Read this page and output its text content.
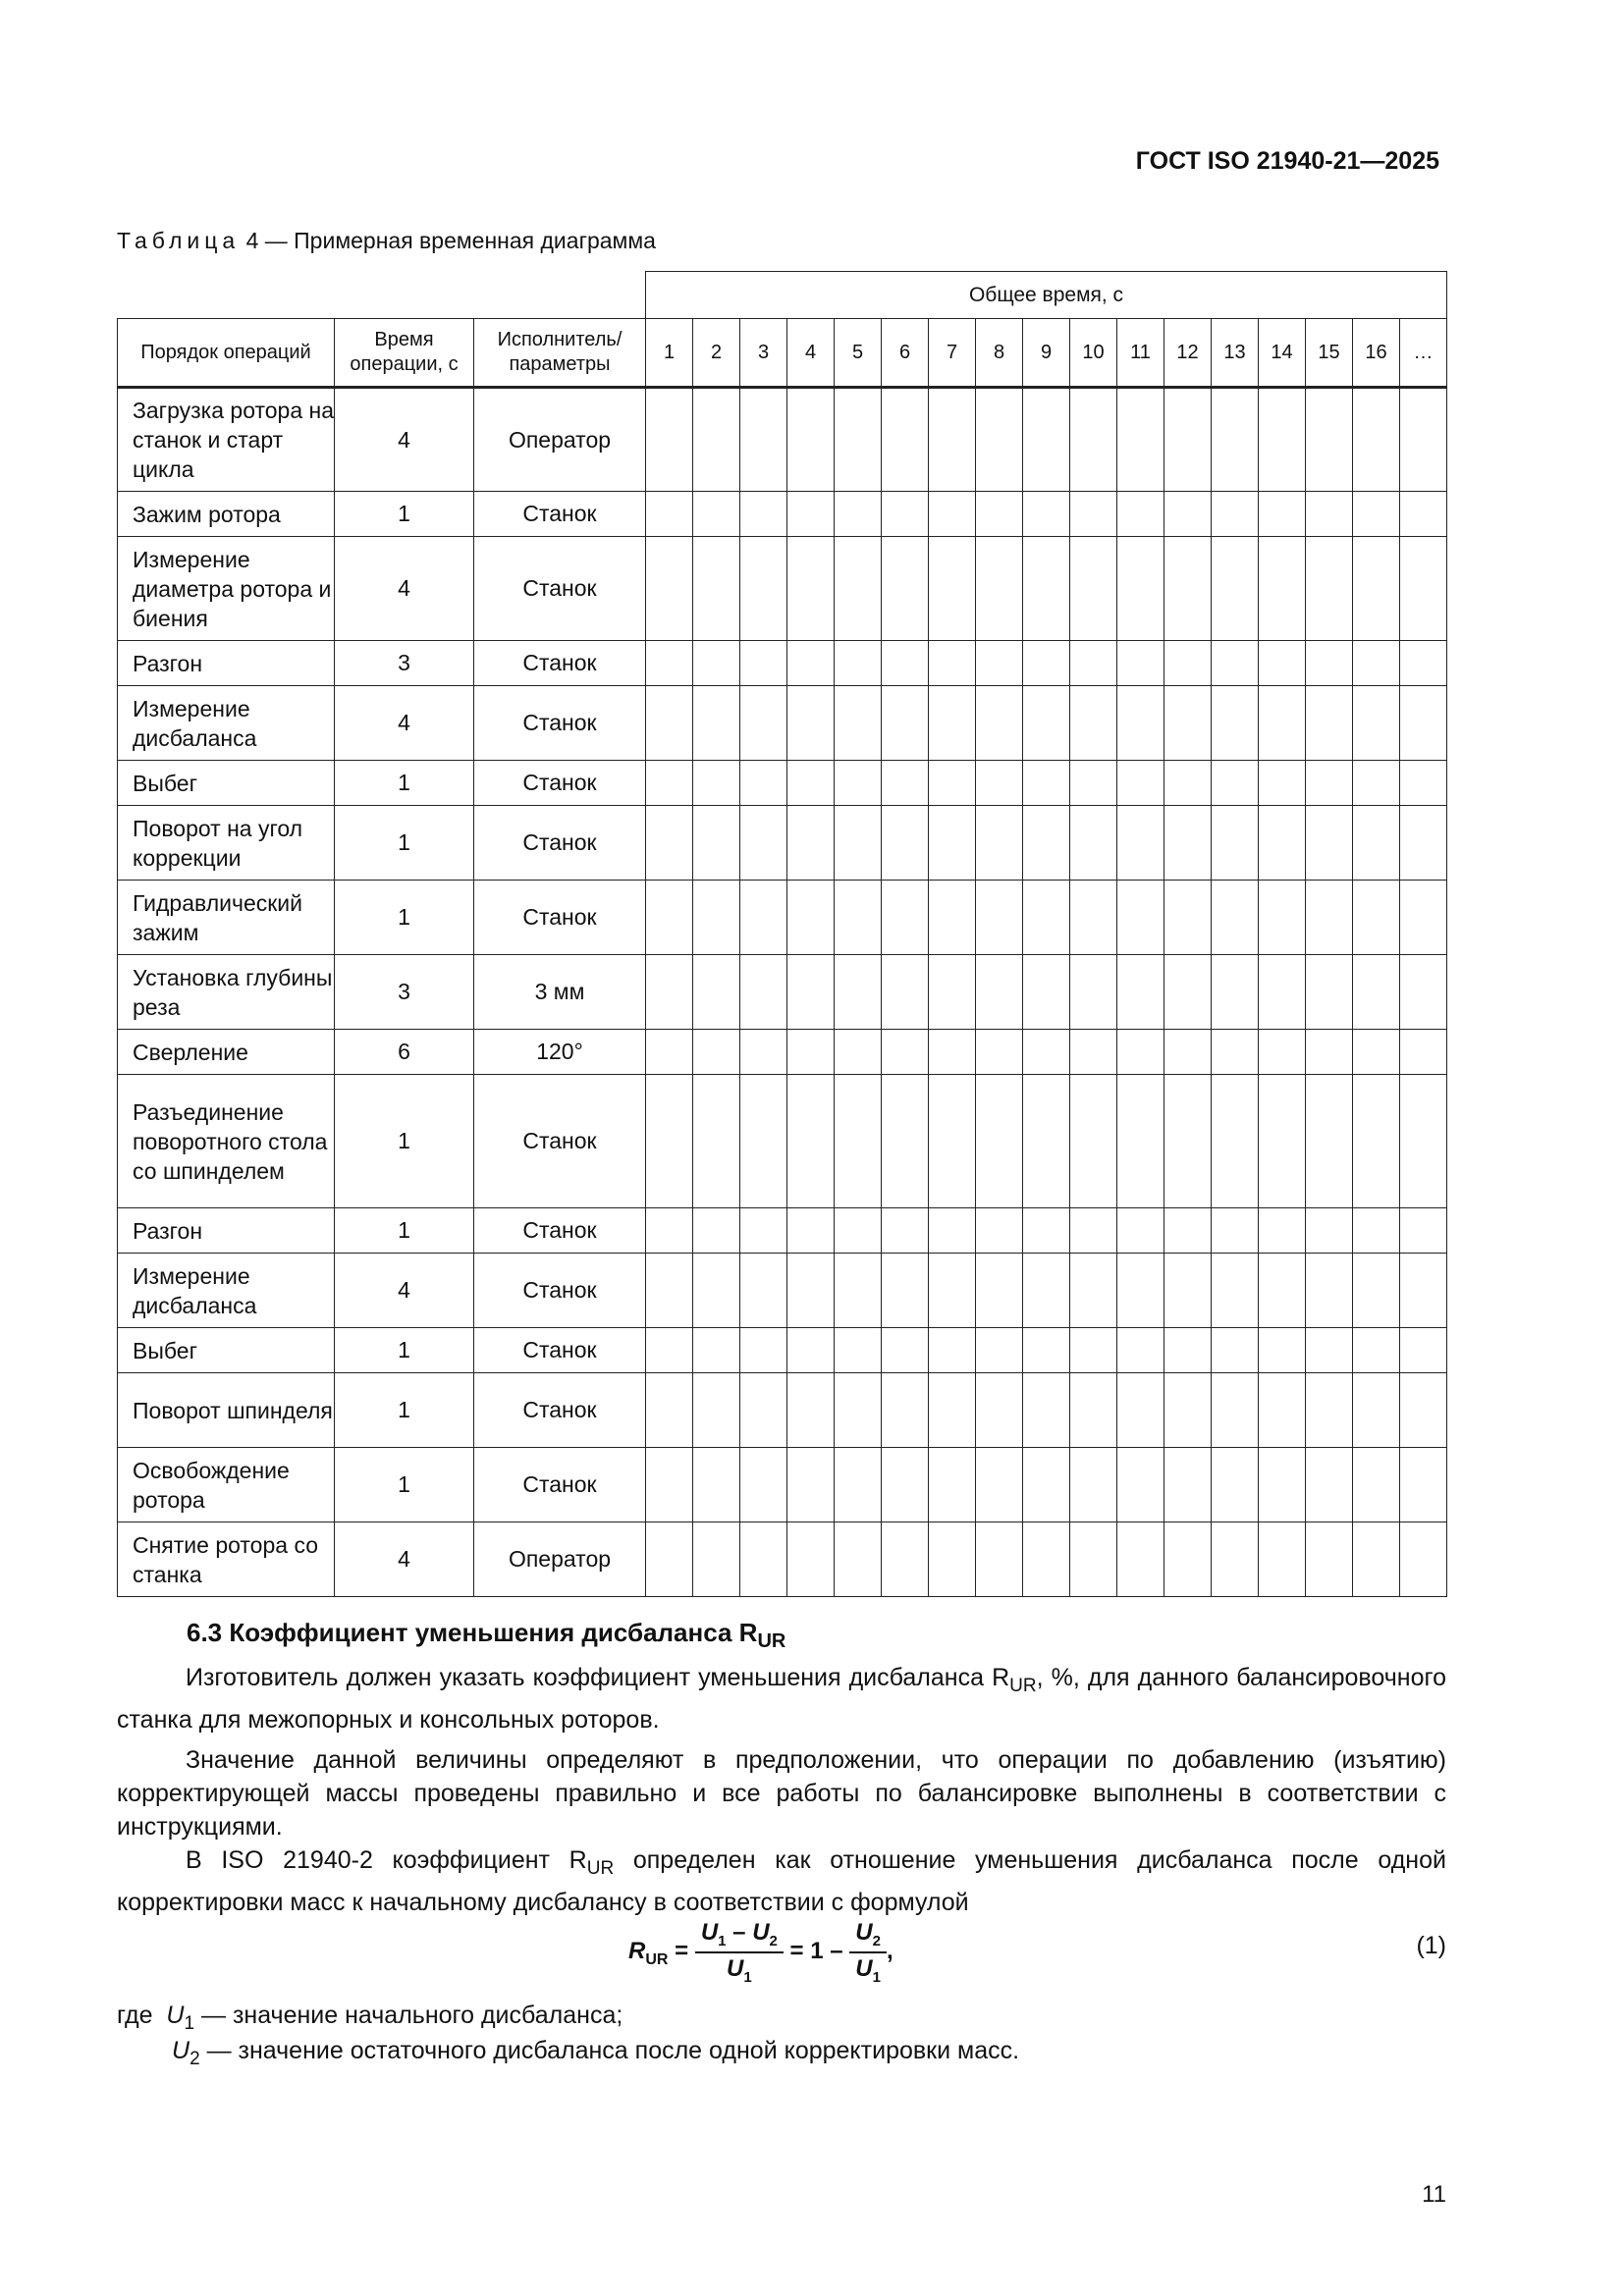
ГОСТ ISO 21940-21—2025
Таблица 4 — Примерная временная диаграмма
			Общее время, с																
Порядок операций	Время операции, с	Исполнитель/ параметры	1	2	3	4	5	6	7	8	9	10	11	12	13	14	15	16	…
Загрузка ротора на станок и старт цикла	4	Оператор																	
Зажим ротора	1	Станок																	
Измерение диаметра ротора и биения	4	Станок																	
Разгон	3	Станок																	
Измерение дисбаланса	4	Станок																	
Выбег	1	Станок																	
Поворот на угол коррекции	1	Станок																	
Гидравлический зажим	1	Станок																	
Установка глубины реза	3	3 мм																	
Сверление	6	120°																	
Разъединение поворотного стола со шпинделем	1	Станок																	
Разгон	1	Станок																	
Измерение дисбаланса	4	Станок																	
Выбег	1	Станок																	
Поворот шпинделя	1	Станок																	
Освобождение ротора	1	Станок																	
Снятие ротора со станка	4	Оператор																	
6.3 Коэффициент уменьшения дисбаланса $R_{UR}$
Изготовитель должен указать коэффициент уменьшения дисбаланса $R_{UR}$, %, для данного балансировочного станка для межопорных и консольных роторов.
Значение данной величины определяют в предположении, что операции по добавлению (изъятию) корректирующей массы проведены правильно и все работы по балансировке выполнены в соответствии с инструкциями.
В ISO 21940-2 коэффициент $R_{UR}$ определен как отношение уменьшения дисбаланса после одной корректировки масс к начальному дисбалансу в соответствии с формулой
$R_{UR} = \frac{U_1 - U_2}{U_1} = 1 - \frac{U_2}{U_1}$ ,	(1)
где $U_1$ — значение начального дисбаланса;
$U_2$ — значение остаточного дисбаланса после одной корректировки масс.
11
